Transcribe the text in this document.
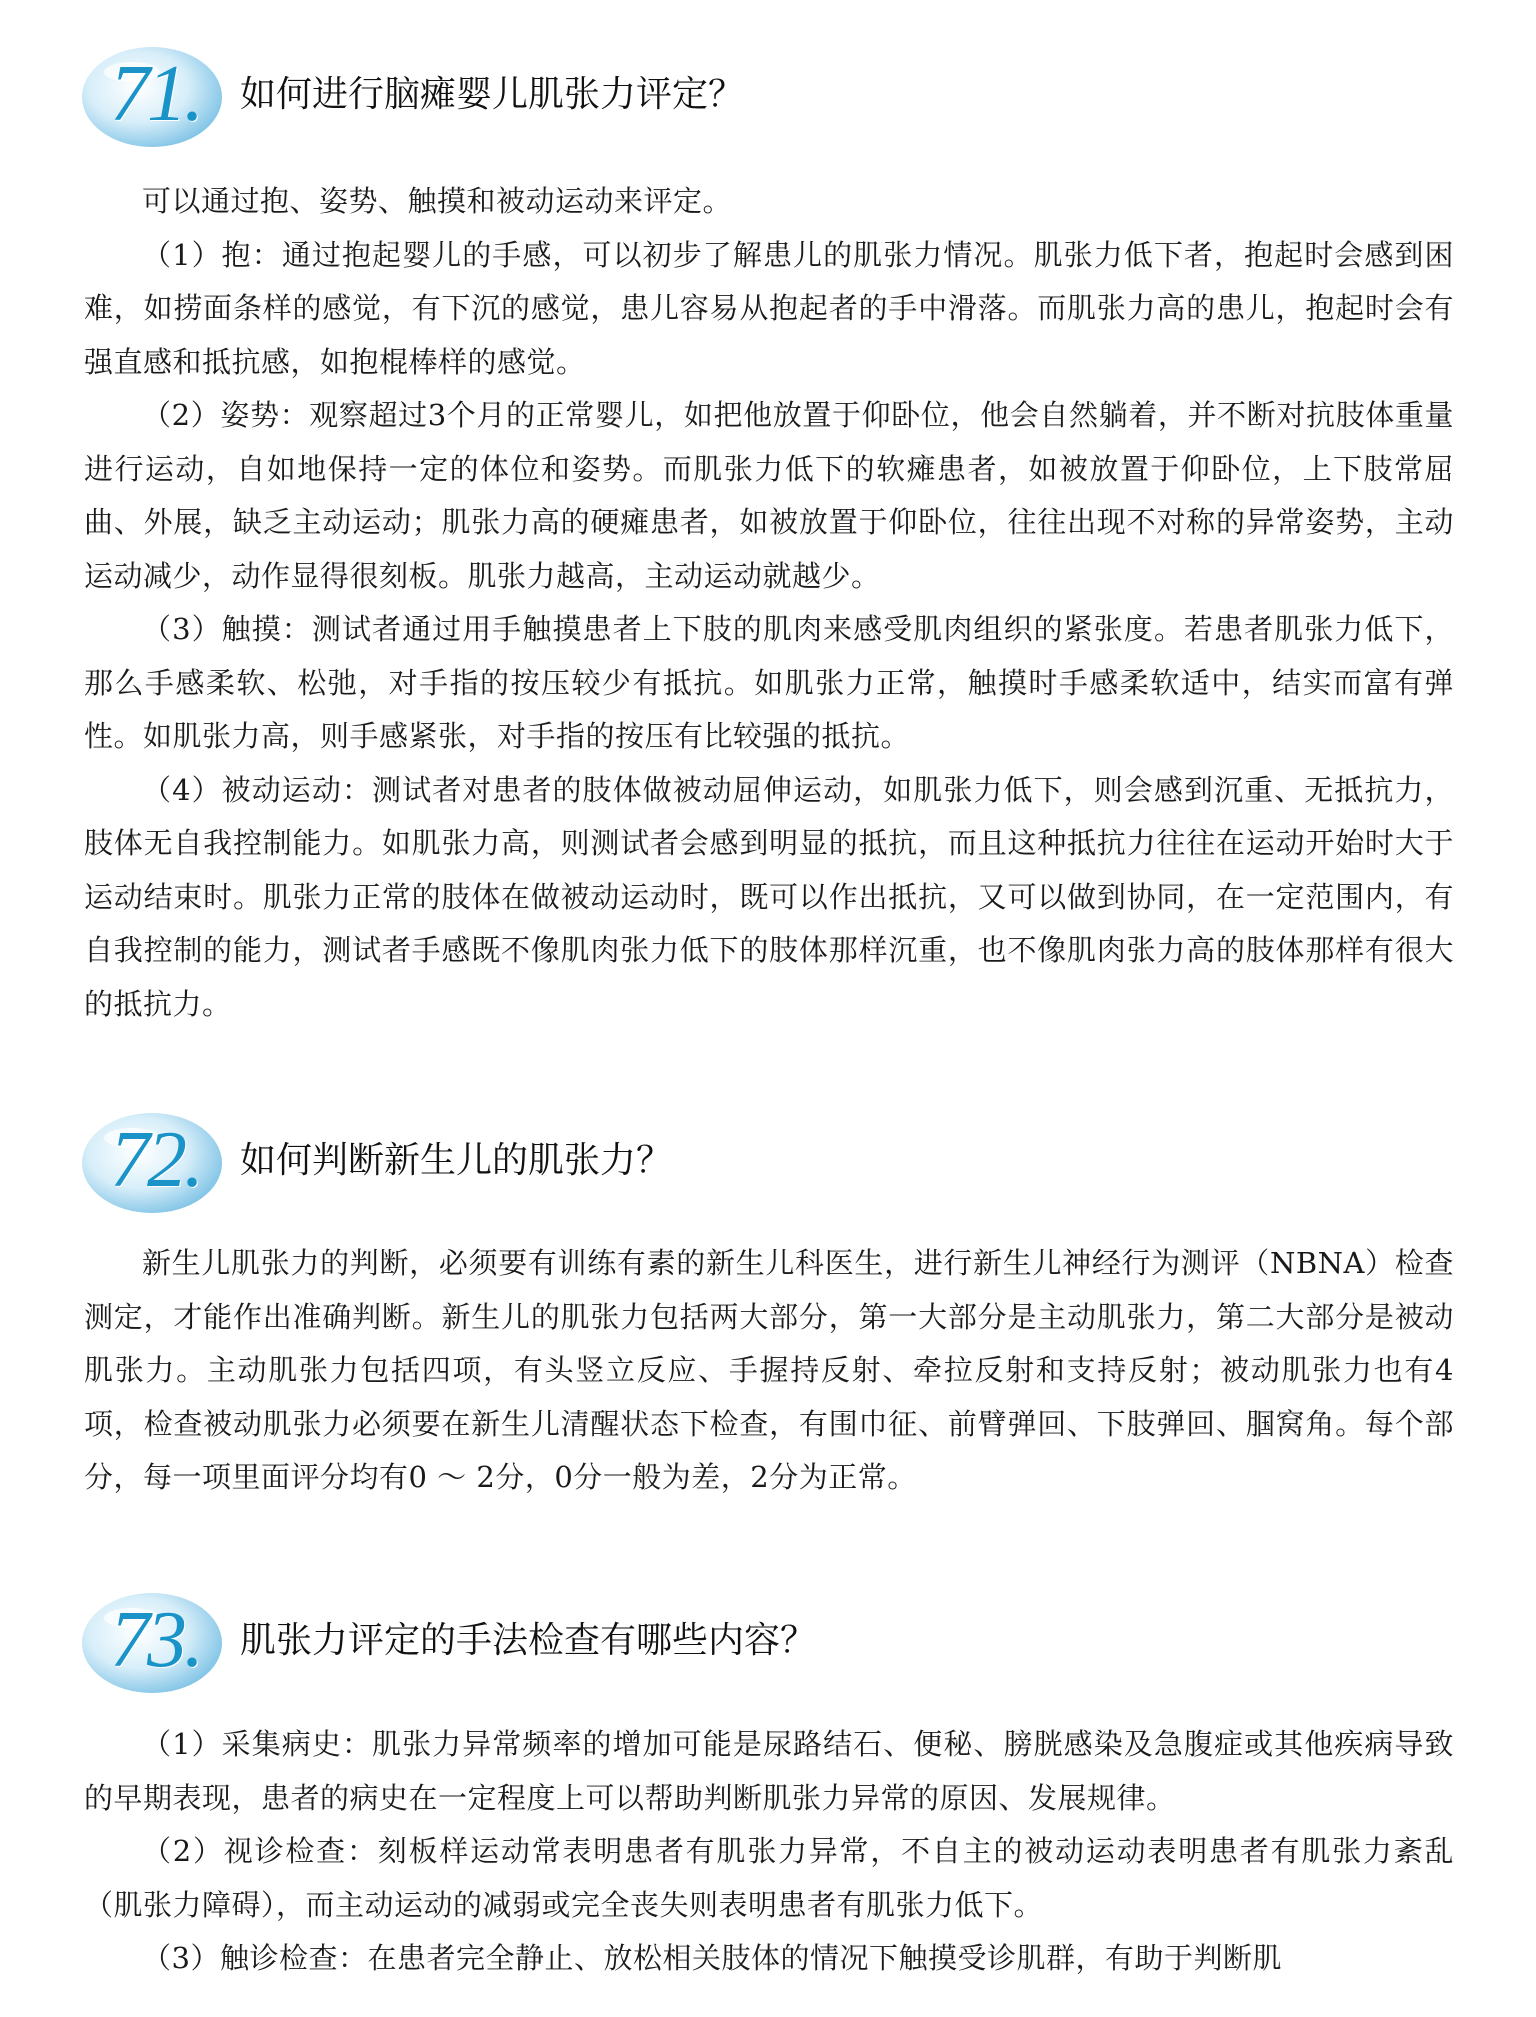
71. 如何进行脑瘫婴儿肌张力评定？

可以通过抱、姿势、触摸和被动运动来评定。

（1）抱：通过抱起婴儿的手感，可以初步了解患儿的肌张力情况。肌张力低下者，抱起时会感到困难，如捞面条样的感觉，有下沉的感觉，患儿容易从抱起者的手中滑落。而肌张力高的患儿，抱起时会有强直感和抵抗感，如抱棍棒样的感觉。

（2）姿势：观察超过3个月的正常婴儿，如把他放置于仰卧位，他会自然躺着，并不断对抗肢体重量进行运动，自如地保持一定的体位和姿势。而肌张力低下的软瘫患者，如被放置于仰卧位，上下肢常屈曲、外展，缺乏主动运动；肌张力高的硬瘫患者，如被放置于仰卧位，往往出现不对称的异常姿势，主动运动减少，动作显得很刻板。肌张力越高，主动运动就越少。

（3）触摸：测试者通过用手触摸患者上下肢的肌肉来感受肌肉组织的紧张度。若患者肌张力低下，那么手感柔软、松弛，对手指的按压较少有抵抗。如肌张力正常，触摸时手感柔软适中，结实而富有弹性。如肌张力高，则手感紧张，对手指的按压有比较强的抵抗。

（4）被动运动：测试者对患者的肢体做被动屈伸运动，如肌张力低下，则会感到沉重、无抵抗力，肢体无自我控制能力。如肌张力高，则测试者会感到明显的抵抗，而且这种抵抗力往往在运动开始时大于运动结束时。肌张力正常的肢体在做被动运动时，既可以作出抵抗，又可以做到协同，在一定范围内，有自我控制的能力，测试者手感既不像肌肉张力低下的肢体那样沉重，也不像肌肉张力高的肢体那样有很大的抵抗力。

72. 如何判断新生儿的肌张力？

新生儿肌张力的判断，必须要有训练有素的新生儿科医生，进行新生儿神经行为测评（NBNA）检查测定，才能作出准确判断。新生儿的肌张力包括两大部分，第一大部分是主动肌张力，第二大部分是被动肌张力。主动肌张力包括四项，有头竖立反应、手握持反射、牵拉反射和支持反射；被动肌张力也有4项，检查被动肌张力必须要在新生儿清醒状态下检查，有围巾征、前臂弹回、下肢弹回、腘窝角。每个部分，每一项里面评分均有0 ～ 2分，0分一般为差，2分为正常。

73. 肌张力评定的手法检查有哪些内容？

（1）采集病史：肌张力异常频率的增加可能是尿路结石、便秘、膀胱感染及急腹症或其他疾病导致的早期表现，患者的病史在一定程度上可以帮助判断肌张力异常的原因、发展规律。

（2）视诊检查：刻板样运动常表明患者有肌张力异常，不自主的被动运动表明患者有肌张力紊乱（肌张力障碍），而主动运动的减弱或完全丧失则表明患者有肌张力低下。

（3）触诊检查：在患者完全静止、放松相关肢体的情况下触摸受诊肌群，有助于判断肌
